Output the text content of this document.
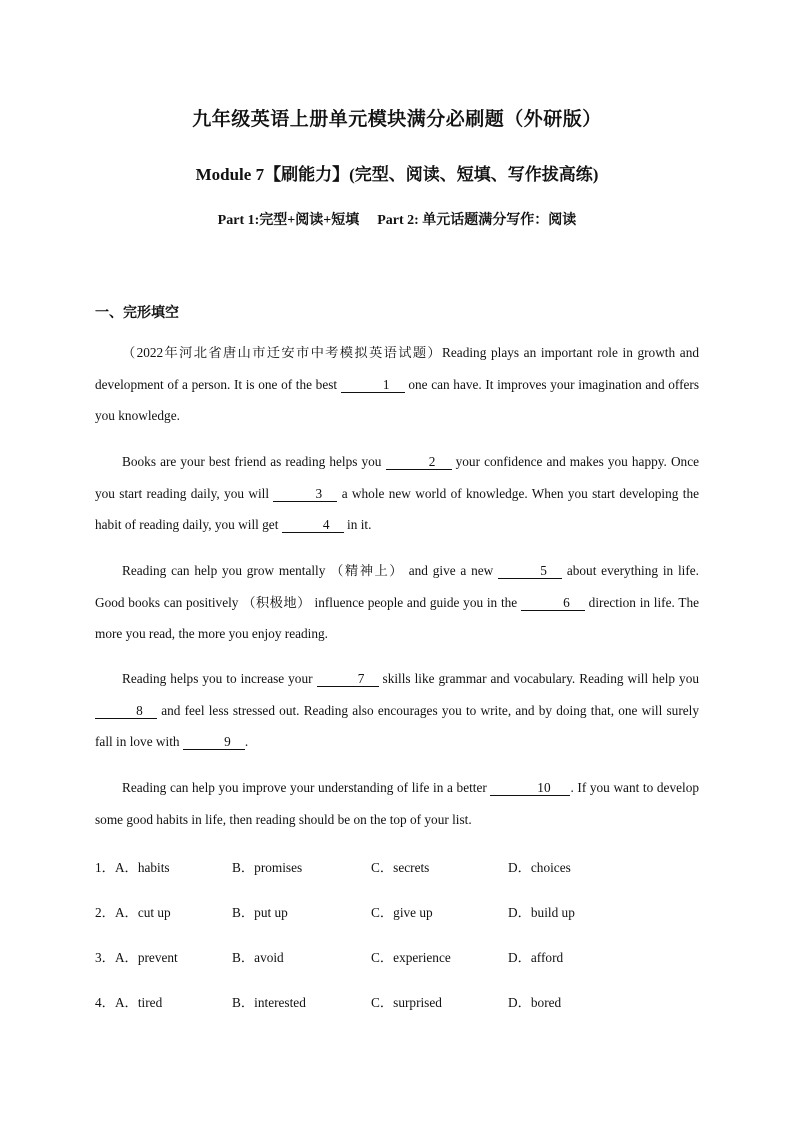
九年级英语上册单元模块满分必刷题（外研版）
Module 7【刷能力】(完型、阅读、短填、写作拔高练)
Part 1:完型+阅读+短填 Part 2: 单元话题满分写作：阅读
一、完形填空

（2022年河北省唐山市迁安市中考模拟英语试题）Reading plays an important role in growth and development of a person. It is one of the best	1 one can have. It improves your imagination and offers you knowledge.

Books are your best friend as reading helps you	2 your confidence and makes you happy. Once you start reading daily, you will	3 a whole new world of knowledge. When you start developing the habit of reading daily, you will get	4 in it.

Reading can help you grow mentally （精神上） and give a new	5 about everything in life. Good books can positively （积极地） influence people and guide you in the	6 direction in life. The more you read, the more you enjoy reading.

Reading helps you to increase your	7 skills like grammar and vocabulary. Reading will help you 8 and feel less stressed out. Reading also encourages you to write, and by doing that, one will surely fall in love with	9 .

Reading can help you improve your understanding of life in a better	10 . If you want to develop some good habits in life, then reading should be on the top of your list.

1．A．habits	B．promises	C．secrets	D．choices
2．A．cut up	B．put up	C．give up	D．build up
3．A．prevent	B．avoid	C．experience	D．afford
4．A．tired	B．interested	C．surprised	D．bored
